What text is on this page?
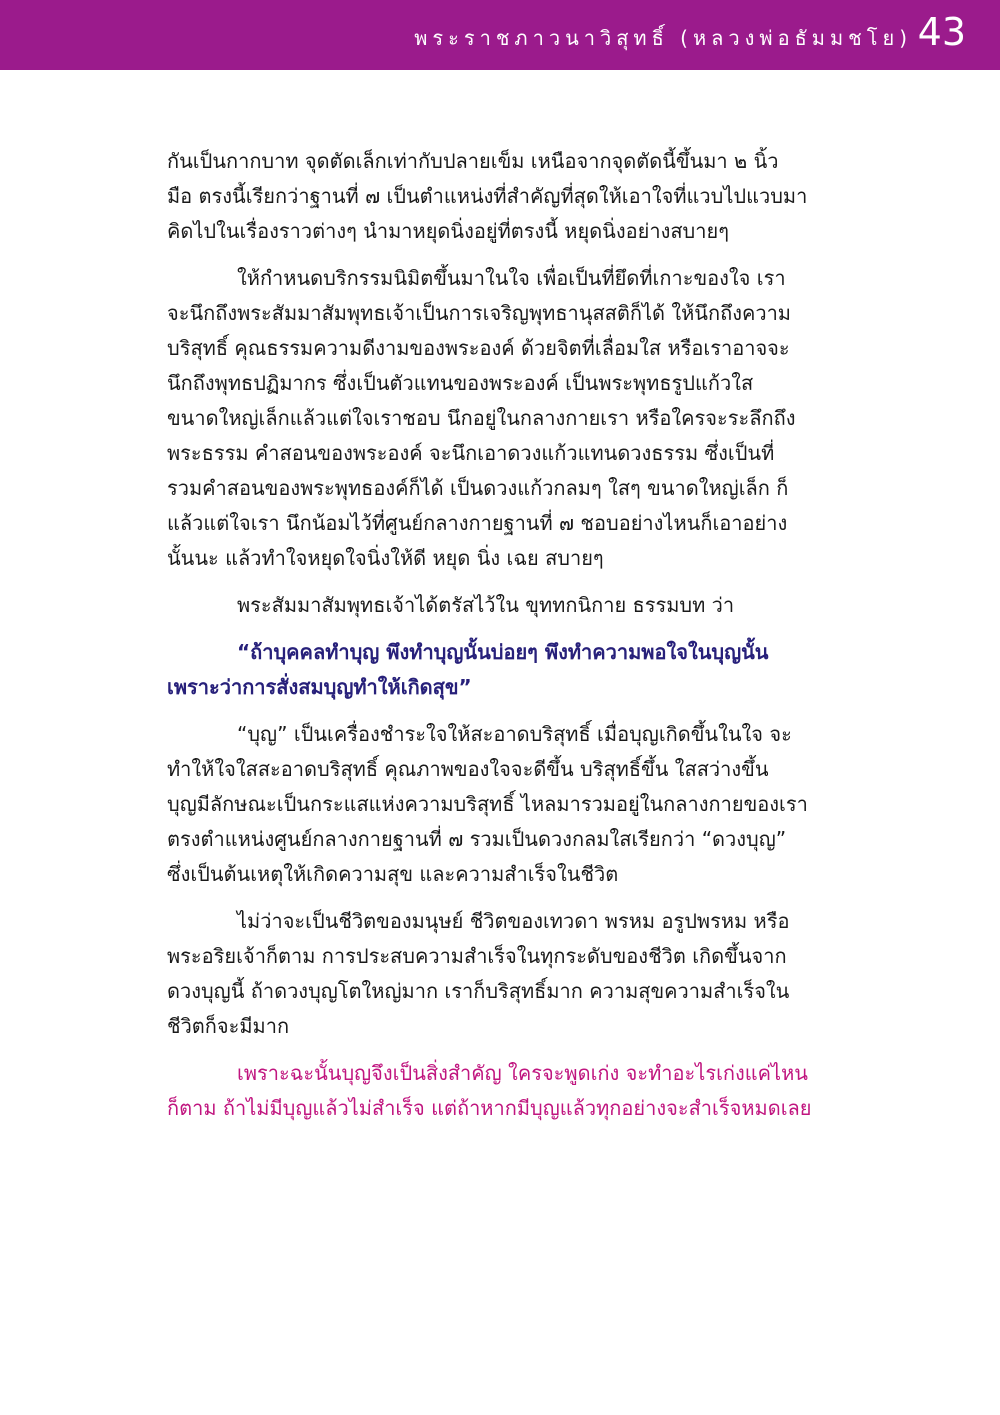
พระราชภาวนาวิสุทธิ์ (หลวงพ่อธัมมชโย) 43
กันเป็นกากบาท จุดตัดเล็กเท่ากับปลายเข็ม เหนือจากจุดตัดนี้ขึ้นมา ๒ นิ้ว
มือ ตรงนี้เรียกว่าฐานที่ ๗ เป็นตำแหน่งที่สำคัญที่สุดให้เอาใจที่แวบไปแวบมา
คิดไปในเรื่องราวต่างๆ นำมาหยุดนิ่งอยู่ที่ตรงนี้ หยุดนิ่งอย่างสบายๆ
ให้กำหนดบริกรรมนิมิตขึ้นมาในใจ เพื่อเป็นที่ยึดที่เกาะของใจ เรา
จะนึกถึงพระสัมมาสัมพุทธเจ้าเป็นการเจริญพุทธานุสสติก็ได้ ให้นึกถึงความ
บริสุทธิ์ คุณธรรมความดีงามของพระองค์ ด้วยจิตที่เลื่อมใส หรือเราอาจจะ
นึกถึงพุทธปฏิมากร ซึ่งเป็นตัวแทนของพระองค์ เป็นพระพุทธรูปแก้วใส
ขนาดใหญ่เล็กแล้วแต่ใจเราชอบ นึกอยู่ในกลางกายเรา หรือใครจะระลึกถึง
พระธรรม คำสอนของพระองค์ จะนึกเอาดวงแก้วแทนดวงธรรม ซึ่งเป็นที่
รวมคำสอนของพระพุทธองค์ก็ได้ เป็นดวงแก้วกลมๆ ใสๆ ขนาดใหญ่เล็ก ก็
แล้วแต่ใจเรา นึกน้อมไว้ที่ศูนย์กลางกายฐานที่ ๗ ชอบอย่างไหนก็เอาอย่าง
นั้นนะ แล้วทำใจหยุดใจนิ่งให้ดี หยุด นิ่ง เฉย สบายๆ
พระสัมมาสัมพุทธเจ้าได้ตรัสไว้ใน ขุททกนิกาย ธรรมบท ว่า
“ถ้าบุคคลทำบุญ พึงทำบุญนั้นบ่อยๆ พึงทำความพอใจในบุญนั้น
เพราะว่าการสั่งสมบุญทำให้เกิดสุข”
“บุญ” เป็นเครื่องชำระใจให้สะอาดบริสุทธิ์ เมื่อบุญเกิดขึ้นในใจ จะ
ทำให้ใจใสสะอาดบริสุทธิ์ คุณภาพของใจจะดีขึ้น บริสุทธิ์ขึ้น ใสสว่างขึ้น
บุญมีลักษณะเป็นกระแสแห่งความบริสุทธิ์ ไหลมารวมอยู่ในกลางกายของเรา
ตรงตำแหน่งศูนย์กลางกายฐานที่ ๗ รวมเป็นดวงกลมใสเรียกว่า “ดวงบุญ”
ซึ่งเป็นต้นเหตุให้เกิดความสุข และความสำเร็จในชีวิต
ไม่ว่าจะเป็นชีวิตของมนุษย์ ชีวิตของเทวดา พรหม อรูปพรหม หรือ
พระอริยเจ้าก็ตาม การประสบความสำเร็จในทุกระดับของชีวิต เกิดขึ้นจาก
ดวงบุญนี้ ถ้าดวงบุญโตใหญ่มาก เราก็บริสุทธิ์มาก ความสุขความสำเร็จใน
ชีวิตก็จะมีมาก
เพราะฉะนั้นบุญจึงเป็นสิ่งสำคัญ ใครจะพูดเก่ง จะทำอะไรเก่งแค่ไหน
ก็ตาม ถ้าไม่มีบุญแล้วไม่สำเร็จ แต่ถ้าหากมีบุญแล้วทุกอย่างจะสำเร็จหมดเลย
